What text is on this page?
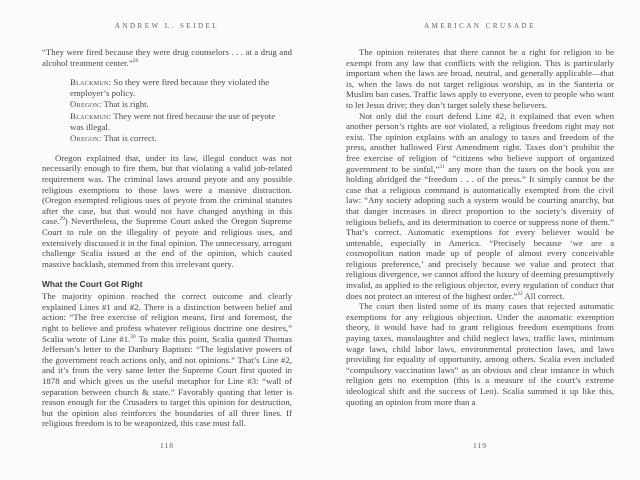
ANDREW L. SEIDEL

“They were fired because they were drug counselors . . . at a drug and alcohol treatment center.”$^{28}$

Blackmun: So they were fired because they violated the employer’s policy.

Oregon: That is right.

Blackmun: They were not fired because the use of peyote was illegal.

Oregon: That is correct.

Oregon explained that, under its law, illegal conduct was not necessarily enough to fire them, but that violating a valid job-related requirement was. The criminal laws around peyote and any possible religious exemptions to those laws were a massive distraction. (Oregon exempted religious uses of peyote from the criminal statutes after the case, but that would not have changed anything in this case.$^{29}$) Nevertheless, the Supreme Court asked the Oregon Supreme Court to rule on the illegality of peyote and religious uses, and extensively discussed it in the final opinion. The unnecessary, arrogant challenge Scalia issued at the end of the opinion, which caused massive backlash, stemmed from this irrelevant query.

What the Court Got Right

The majority opinion reached the correct outcome and clearly explained Lines #1 and #2. There is a distinction between belief and action: “The free exercise of religion means, first and foremost, the right to believe and profess whatever religious doctrine one desires,” Scalia wrote of Line #1.30 To make this point, Scalia quoted Thomas Jefferson’s letter to the Danbury Baptists: “The legislative powers of the government reach actions only, and not opinions.” That’s Line #2, and it’s from the very same letter the Supreme Court first quoted in 1878 and which gives us the useful metaphor for Line #3: “wall of separation between church & state.” Favorably quoting that letter is reason enough for the Crusaders to target this opinion for destruction, but the opinion also reinforces the boundaries of all three lines. If religious freedom is to be weaponized, this case must fall.

118
AMERICAN CRUSADE

The opinion reiterates that there cannot be a right for religion to be exempt from any law that conflicts with the religion. This is particularly important when the laws are broad, neutral, and generally applicable—that is, when the laws do not target religious worship, as in the Santeria or Muslim ban cases. Traffic laws apply to everyone, even to people who want to let Jesus drive; they don’t target solely these believers.

Not only did the court defend Line #2, it explained that even when another person’s rights are not violated, a religious freedom right may not exist. The opinion explains with an analogy to taxes and freedom of the press, another hallowed First Amendment right. Taxes don’t prohibit the free exercise of religion of “citizens who believe support of organized government to be sinful,”$^{31}$ any more than the taxes on the book you are holding abridged the “freedom . . . of the press.” It simply cannot be the case that a religious command is automatically exempted from the civil law: “Any society adopting such a system would be courting anarchy, but that danger increases in direct proportion to the society’s diversity of religious beliefs, and its determination to coerce or suppress none of them.” That’s correct. Automatic exemptions for every believer would be untenable, especially in America. “Precisely because ‘we are a cosmopolitan nation made up of people of almost every conceivable religious preference,’ and precisely because we value and protect that religious divergence, we cannot afford the luxury of deeming presumptively invalid, as applied to the religious objector, every regulation of conduct that does not protect an interest of the highest order.”$^{32}$ All correct.

The court then listed some of its many cases that rejected automatic exemptions for any religious objection. Under the automatic exemption theory, it would have had to grant religious freedom exemptions from paying taxes, manslaughter and child neglect laws, traffic laws, minimum wage laws, child labor laws, environmental protection laws, and laws providing for equality of opportunity, among others. Scalia even included “compulsory vaccination laws” as an obvious and clear instance in which religion gets no exemption (this is a measure of the court’s extreme ideological shift and the success of Leo). Scalia summed it up like this, quoting an opinion from more than a

119
